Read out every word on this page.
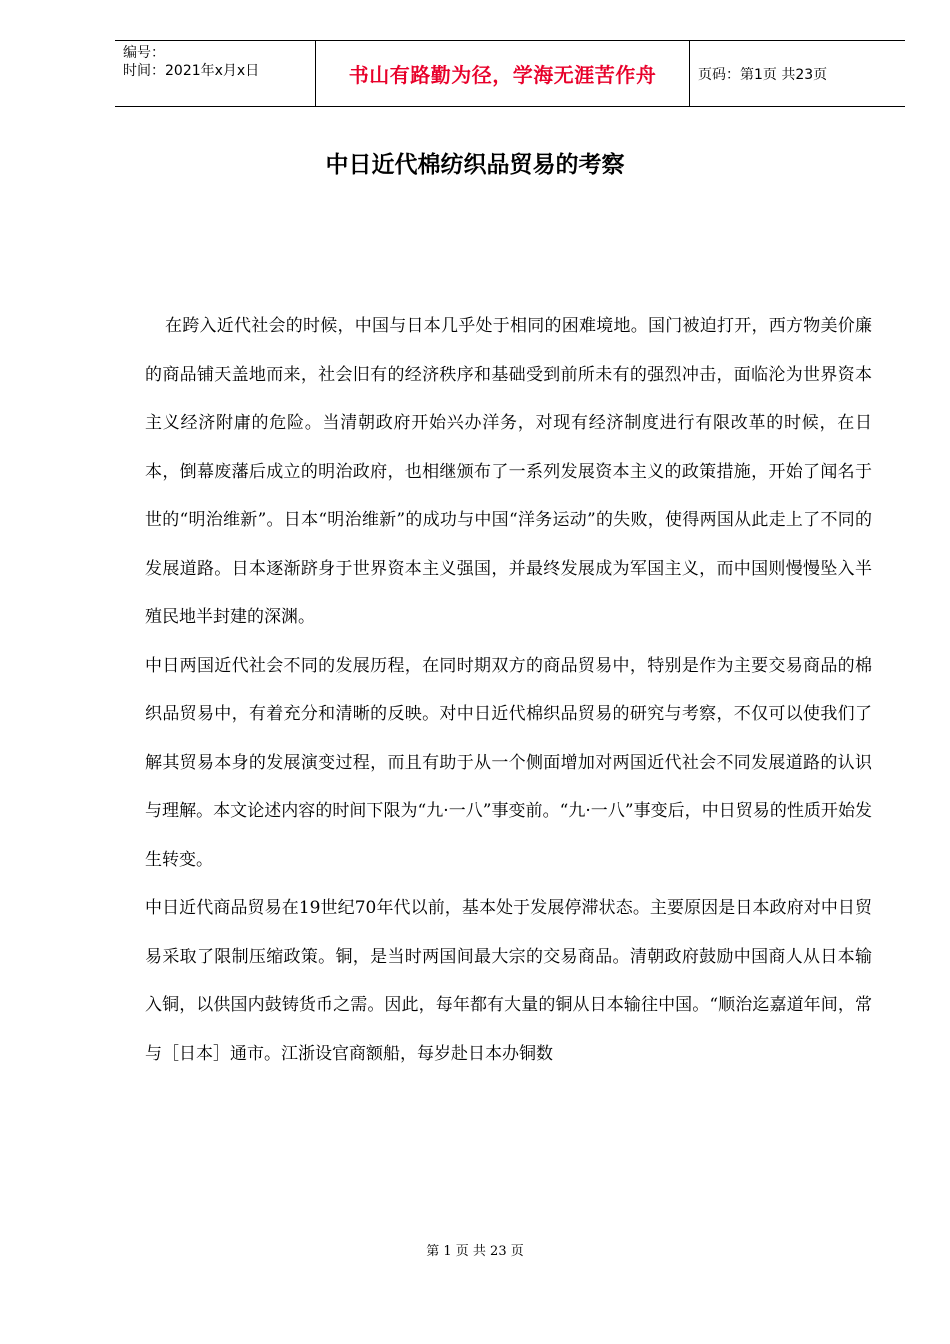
编号：
时间：2021年x月x日	书山有路勤为径，学海无涯苦作舟	页码：第1页 共23页
中日近代棉纺织品贸易的考察

在跨入近代社会的时候，中国与日本几乎处于相同的困难境地。国门被迫打开，西方物美价廉的商品铺天盖地而来，社会旧有的经济秩序和基础受到前所未有的强烈冲击，面临沦为世界资本主义经济附庸的危险。当清朝政府开始兴办洋务，对现有经济制度进行有限改革的时候，在日本，倒幕废藩后成立的明治政府，也相继颁布了一系列发展资本主义的政策措施，开始了闻名于世的“明治维新”。日本“明治维新”的成功与中国“洋务运动”的失败，使得两国从此走上了不同的发展道路。日本逐渐跻身于世界资本主义强国，并最终发展成为军国主义，而中国则慢慢坠入半殖民地半封建的深渊。

中日两国近代社会不同的发展历程，在同时期双方的商品贸易中，特别是作为主要交易商品的棉织品贸易中，有着充分和清晰的反映。对中日近代棉织品贸易的研究与考察，不仅可以使我们了解其贸易本身的发展演变过程，而且有助于从一个侧面增加对两国近代社会不同发展道路的认识与理解。本文论述内容的时间下限为“九·一八”事变前。“九·一八”事变后，中日贸易的性质开始发生转变。

中日近代商品贸易在19世纪70年代以前，基本处于发展停滞状态。主要原因是日本政府对中日贸易采取了限制压缩政策。铜，是当时两国间最大宗的交易商品。清朝政府鼓励中国商人从日本输入铜，以供国内鼓铸货币之需。因此，每年都有大量的铜从日本输往中国。“顺治迄嘉道年间，常与［日本］通市。江浙设官商额船，每岁赴日本办铜数

第 1 页 共 23 页
